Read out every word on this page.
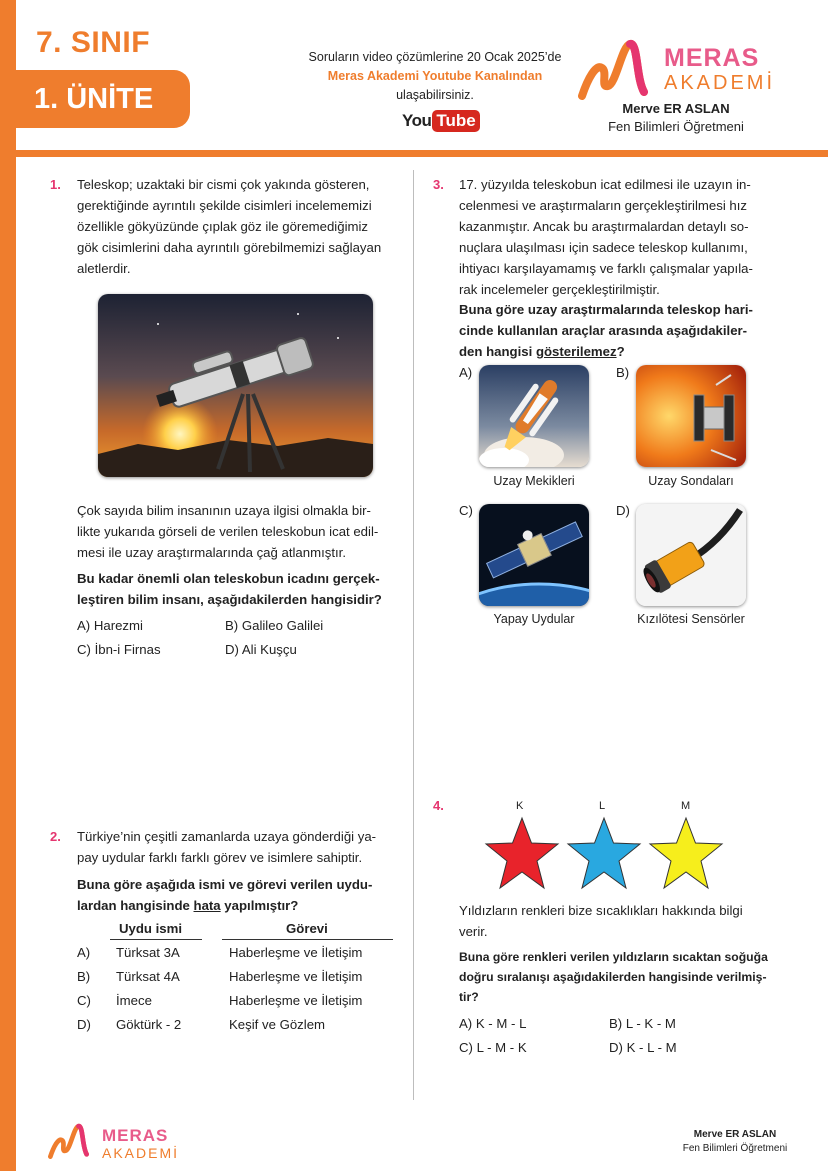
7. SINIF
1. ÜNİTE
Soruların video çözümlerine 20 Ocak 2025’de
Meras Akademi Youtube Kanalından
ulaşabilirsiniz.
You Tube
MERAS
AKADEMİ
Merve ER ASLAN
Fen Bilimleri Öğretmeni
1. Teleskop; uzaktaki bir cismi çok yakında gösteren,
gerektiğinde ayrıntılı şekilde cisimleri incelememizi
özellikle gökyüzünde çıplak göz ile göremediğimiz
gök cisimlerini daha ayrıntılı görebilmemizi sağlayan
aletlerdir.
Çok sayıda bilim insanının uzaya ilgisi olmakla bir-
likte yukarıda görseli de verilen teleskobun icat edil-
mesi ile uzay araştırmalarında çağ atlanmıştır.
Bu kadar önemli olan teleskobun icadını gerçek-
leştiren bilim insanı, aşağıdakilerden hangisidir?
A) Harezmi	B) Galileo Galilei
C) İbn-i Firnas	D) Ali Kuşçu
2. Türkiye’nin çeşitli zamanlarda uzaya gönderdiği ya-
pay uydular farklı farklı görev ve isimlere sahiptir.
Buna göre aşağıda ismi ve görevi verilen uydu-
lardan hangisinde hata yapılmıştır?
Uydu ismi	Görevi
A) Türksat 3A	Haberleşme ve İletişim
B) Türksat 4A	Haberleşme ve İletişim
C) İmece	Haberleşme ve İletişim
D) Göktürk - 2	Keşif ve Gözlem
3. 17. yüzyılda teleskobun icat edilmesi ile uzayın in-
celenmesi ve araştırmaların gerçekleştirilmesi hız
kazanmıştır. Ancak bu araştırmalardan detaylı so-
nuçlara ulaşılması için sadece teleskop kullanımı,
ihtiyacı karşılayamamış ve farklı çalışmalar yapıla-
rak incelemeler gerçekleştirilmiştir.
Buna göre uzay araştırmalarında teleskop hari-
cinde kullanılan araçlar arasında aşağıdakiler-
den hangisi gösterilemez?
A)
Uzay Mekikleri
B)
Uzay Sondaları
C)
Yapay Uydular
D)
Kızılötesi Sensörler
4.	K	L	M
Yıldızların renkleri bize sıcaklıkları hakkında bilgi
verir.
Buna göre renkleri verilen yıldızların sıcaktan soğuğa
doğru sıralanışı aşağıdakilerden hangisinde verilmiş-
tir?
A) K - M - L	B) L - K - M
C) L - M - K	D) K - L - M
MERAS
AKADEMİ
Merve ER ASLAN
Fen Bilimleri Öğretmeni
